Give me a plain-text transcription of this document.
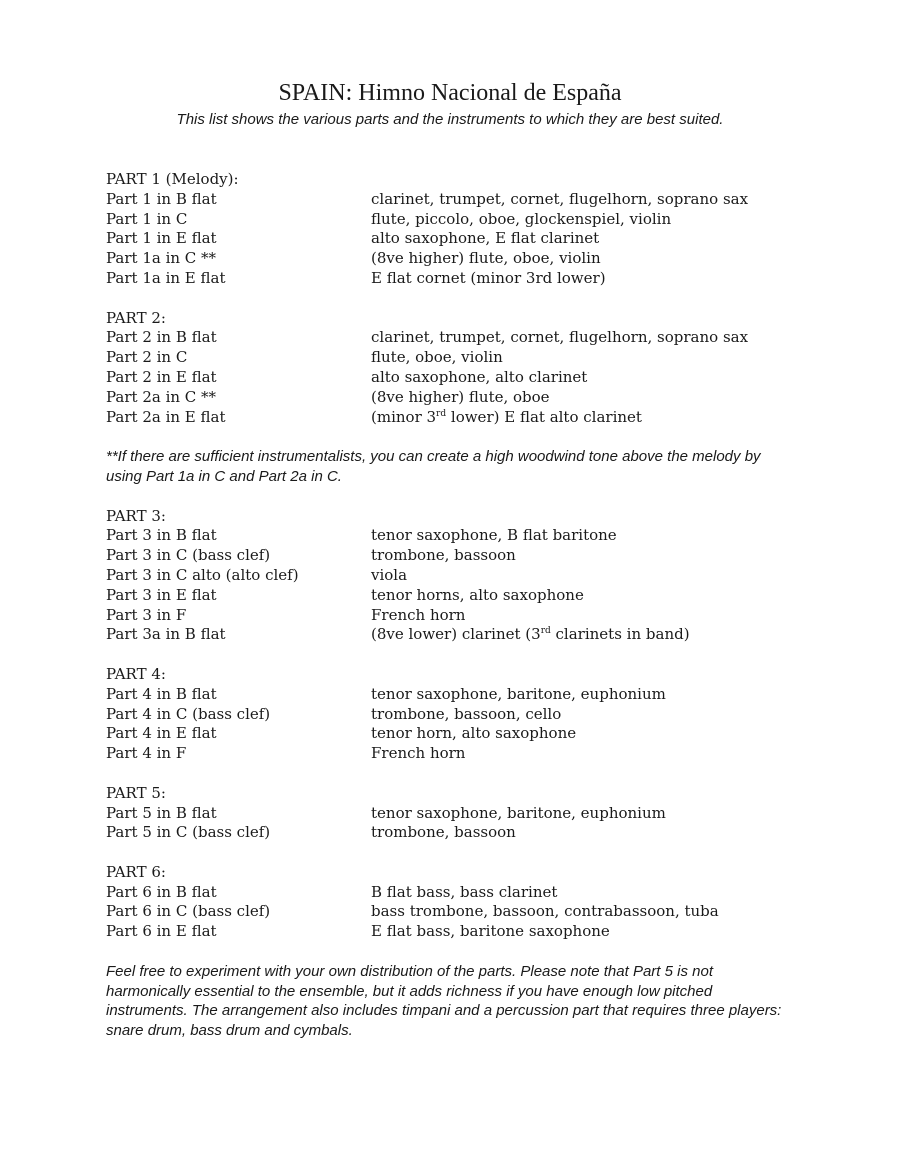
SPAIN: Himno Nacional de España
This list shows the various parts and the instruments to which they are best suited.
PART 1 (Melody):
Part 1 in B flat	clarinet, trumpet, cornet, flugelhorn, soprano sax
Part 1 in C	flute, piccolo, oboe, glockenspiel, violin
Part 1 in E flat	alto saxophone, E flat clarinet
Part 1a in C **	(8ve higher) flute, oboe, violin
Part 1a in E flat	E flat cornet (minor 3rd lower)
PART 2:
Part 2 in B flat	clarinet, trumpet, cornet, flugelhorn, soprano sax
Part 2 in C	flute, oboe, violin
Part 2 in E flat	alto saxophone, alto clarinet
Part 2a in C **	(8ve higher) flute, oboe
Part 2a in E flat	(minor 3rd lower) E flat alto clarinet
**If there are sufficient instrumentalists, you can create a high woodwind tone above the melody by using Part 1a in C and Part 2a in C.
PART 3:
Part 3 in B flat	tenor saxophone, B flat baritone
Part 3 in C (bass clef)	trombone, bassoon
Part 3 in C alto (alto clef)	viola
Part 3 in E flat	tenor horns, alto saxophone
Part 3 in F	French horn
Part 3a in B flat	(8ve lower) clarinet (3rd clarinets in band)
PART 4:
Part 4 in B flat	tenor saxophone, baritone, euphonium
Part 4 in C (bass clef)	trombone, bassoon, cello
Part 4 in E flat	tenor horn, alto saxophone
Part 4 in F	French horn
PART 5:
Part 5 in B flat	tenor saxophone, baritone, euphonium
Part 5 in C (bass clef)	trombone, bassoon
PART 6:
Part 6 in B flat	B flat bass, bass clarinet
Part 6 in C (bass clef)	bass trombone, bassoon, contrabassoon, tuba
Part 6 in E flat	E flat bass, baritone saxophone
Feel free to experiment with your own distribution of the parts. Please note that Part 5 is not harmonically essential to the ensemble, but it adds richness if you have enough low pitched instruments. The arrangement also includes timpani and a percussion part that requires three players: snare drum, bass drum and cymbals.
